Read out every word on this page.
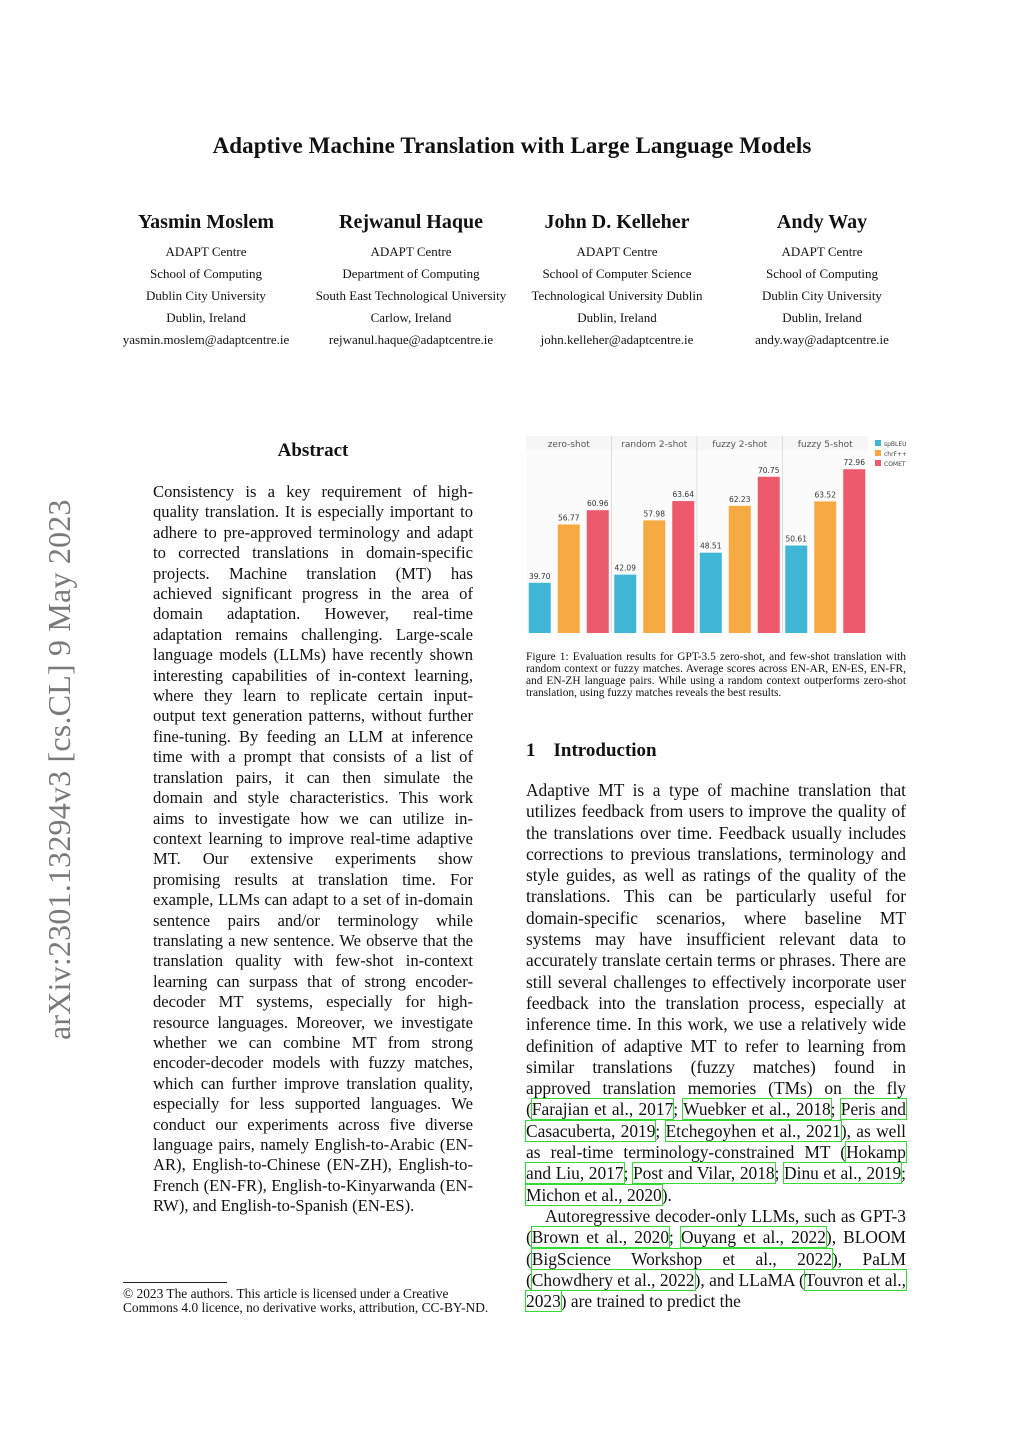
Adaptive Machine Translation with Large Language Models
Yasmin Moslem
ADAPT Centre
School of Computing
Dublin City University
Dublin, Ireland
yasmin.moslem@adaptcentre.ie
Rejwanul Haque
ADAPT Centre
Department of Computing
South East Technological University
Carlow, Ireland
rejwanul.haque@adaptcentre.ie
John D. Kelleher
ADAPT Centre
School of Computer Science
Technological University Dublin
Dublin, Ireland
john.kelleher@adaptcentre.ie
Andy Way
ADAPT Centre
School of Computing
Dublin City University
Dublin, Ireland
andy.way@adaptcentre.ie
arXiv:2301.13294v3 [cs.CL] 9 May 2023
Abstract
Consistency is a key requirement of high-quality translation. It is especially important to adhere to pre-approved terminology and adapt to corrected translations in domain-specific projects. Machine translation (MT) has achieved significant progress in the area of domain adaptation. However, real-time adaptation remains challenging. Large-scale language models (LLMs) have recently shown interesting capabilities of in-context learning, where they learn to replicate certain input-output text generation patterns, without further fine-tuning. By feeding an LLM at inference time with a prompt that consists of a list of translation pairs, it can then simulate the domain and style characteristics. This work aims to investigate how we can utilize in-context learning to improve real-time adaptive MT. Our extensive experiments show promising results at translation time. For example, LLMs can adapt to a set of in-domain sentence pairs and/or terminology while translating a new sentence. We observe that the translation quality with few-shot in-context learning can surpass that of strong encoder-decoder MT systems, especially for high-resource languages. Moreover, we investigate whether we can combine MT from strong encoder-decoder models with fuzzy matches, which can further improve translation quality, especially for less supported languages. We conduct our experiments across five diverse language pairs, namely English-to-Arabic (EN-AR), English-to-Chinese (EN-ZH), English-to-French (EN-FR), English-to-Kinyarwanda (EN-RW), and English-to-Spanish (EN-ES).
© 2023 The authors. This article is licensed under a Creative Commons 4.0 licence, no derivative works, attribution, CC-BY-ND.
zero-shot	random 2-shot	fuzzy 2-shot	fuzzy 5-shot
39.70
56.77
60.96
42.09
57.98
63.64
48.51
62.23
70.75
50.61
63.52
72.96
spBLEU
chrF++
COMET
Figure 1: Evaluation results for GPT-3.5 zero-shot, and few-shot translation with random context or fuzzy matches. Average scores across EN-AR, EN-ES, EN-FR, and EN-ZH language pairs. While using a random context outperforms zero-shot translation, using fuzzy matches reveals the best results.
1 Introduction

Adaptive MT is a type of machine translation that utilizes feedback from users to improve the quality of the translations over time. Feedback usually includes corrections to previous translations, terminology and style guides, as well as ratings of the quality of the translations. This can be particularly useful for domain-specific scenarios, where baseline MT systems may have insufficient relevant data to accurately translate certain terms or phrases. There are still several challenges to effectively incorporate user feedback into the translation process, especially at inference time. In this work, we use a relatively wide definition of adaptive MT to refer to learning from similar translations (fuzzy matches) found in approved translation memories (TMs) on the fly (Farajian et al., 2017; Wuebker et al., 2018; Peris and Casacuberta, 2019; Etchegoyhen et al., 2021), as well as real-time terminology-constrained MT (Hokamp and Liu, 2017; Post and Vilar, 2018; Dinu et al., 2019; Michon et al., 2020).

Autoregressive decoder-only LLMs, such as GPT-3 (Brown et al., 2020; Ouyang et al., 2022), BLOOM (BigScience Workshop et al., 2022), PaLM (Chowdhery et al., 2022), and LLaMA (Touvron et al., 2023) are trained to predict the
